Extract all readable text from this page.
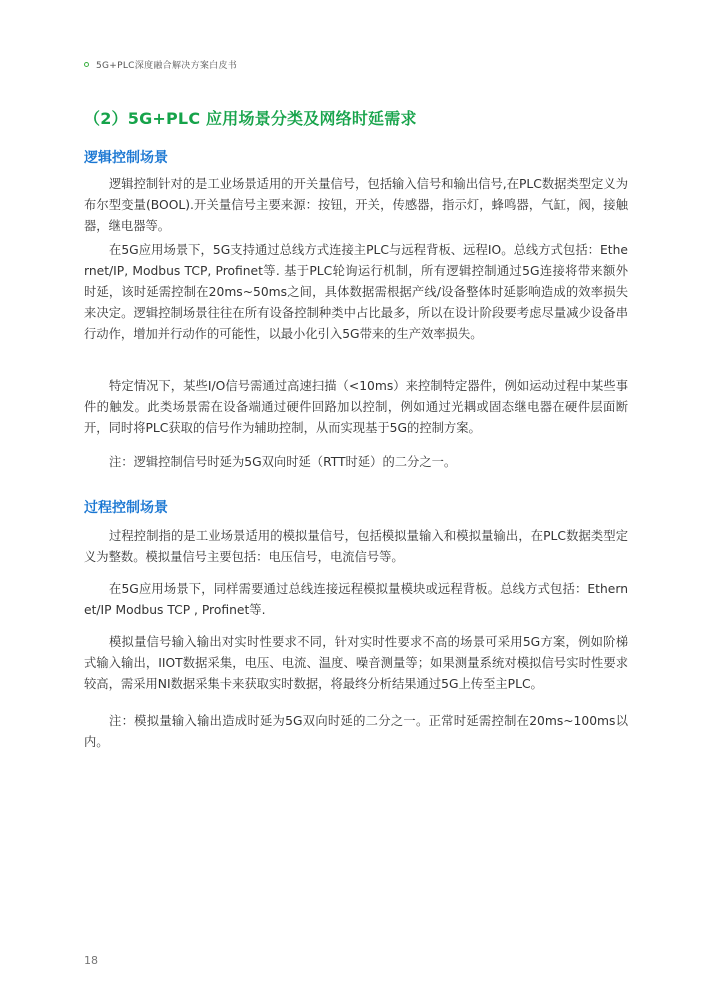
5G+PLC深度融合解决方案白皮书
（2）5G+PLC 应用场景分类及网络时延需求
逻辑控制场景

逻辑控制针对的是工业场景适用的开关量信号，包括输入信号和输出信号,在PLC数据类型定义为布尔型变量(BOOL).开关量信号主要来源：按钮，开关，传感器，指示灯，蜂鸣器，气缸，阀，接触器，继电器等。

在5G应用场景下，5G支持通过总线方式连接主PLC与远程背板、远程IO。总线方式包括：Ethernet/IP, Modbus TCP, Profinet等. 基于PLC轮询运行机制，所有逻辑控制通过5G连接将带来额外时延，该时延需控制在20ms~50ms之间，具体数据需根据产线/设备整体时延影响造成的效率损失来决定。逻辑控制场景往往在所有设备控制种类中占比最多，所以在设计阶段要考虑尽量减少设备串行动作，增加并行动作的可能性，以最小化引入5G带来的生产效率损失。

特定情况下，某些I/O信号需通过高速扫描（<10ms）来控制特定器件，例如运动过程中某些事件的触发。此类场景需在设备端通过硬件回路加以控制，例如通过光耦或固态继电器在硬件层面断开，同时将PLC获取的信号作为辅助控制，从而实现基于5G的控制方案。

注：逻辑控制信号时延为5G双向时延（RTT时延）的二分之一。

过程控制场景

过程控制指的是工业场景适用的模拟量信号，包括模拟量输入和模拟量输出，在PLC数据类型定义为整数。模拟量信号主要包括：电压信号，电流信号等。

在5G应用场景下，同样需要通过总线连接远程模拟量模块或远程背板。总线方式包括：Ethernet/IP Modbus TCP , Profinet等.

模拟量信号输入输出对实时性要求不同，针对实时性要求不高的场景可采用5G方案，例如阶梯式输入输出，IIOT数据采集，电压、电流、温度、噪音测量等；如果测量系统对模拟信号实时性要求较高，需采用NI数据采集卡来获取实时数据，将最终分析结果通过5G上传至主PLC。

注：模拟量输入输出造成时延为5G双向时延的二分之一。正常时延需控制在20ms~100ms以内。

18
